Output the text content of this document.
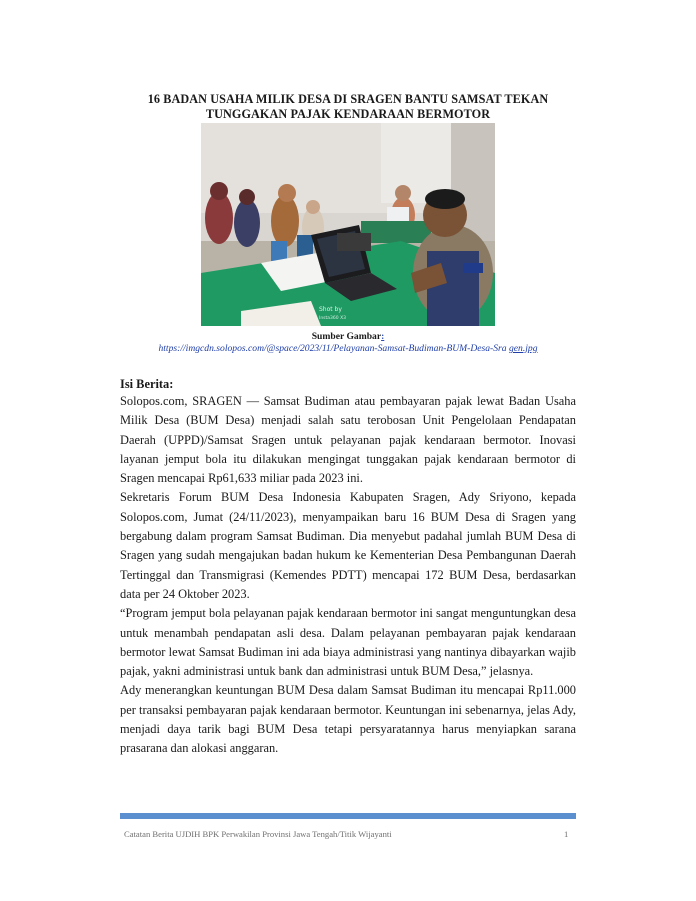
16 BADAN USAHA MILIK DESA DI SRAGEN BANTU SAMSAT TEKAN TUNGGAKAN PAJAK KENDARAAN BERMOTOR
Shot by
Insta360 X3
Sumber Gambar:
https://imgcdn.solopos.com/@space/2023/11/Pelayanan-Samsat-Budiman-BUM-Desa-Sra gen.jpg
Isi Berita:

Solopos.com, SRAGEN — Samsat Budiman atau pembayaran pajak lewat Badan Usaha Milik Desa (BUM Desa) menjadi salah satu terobosan Unit Pengelolaan Pendapatan Daerah (UPPD)/Samsat Sragen untuk pelayanan pajak kendaraan bermotor. Inovasi layanan jemput bola itu dilakukan mengingat tunggakan pajak kendaraan bermotor di Sragen mencapai Rp61,633 miliar pada 2023 ini.

Sekretaris Forum BUM Desa Indonesia Kabupaten Sragen, Ady Sriyono, kepada Solopos.com, Jumat (24/11/2023), menyampaikan baru 16 BUM Desa di Sragen yang bergabung dalam program Samsat Budiman. Dia menyebut padahal jumlah BUM Desa di Sragen yang sudah mengajukan badan hukum ke Kementerian Desa Pembangunan Daerah Tertinggal dan Transmigrasi (Kemendes PDTT) mencapai 172 BUM Desa, berdasarkan data per 24 Oktober 2023.

“Program jemput bola pelayanan pajak kendaraan bermotor ini sangat menguntungkan desa untuk menambah pendapatan asli desa. Dalam pelayanan pembayaran pajak kendaraan bermotor lewat Samsat Budiman ini ada biaya administrasi yang nantinya dibayarkan wajib pajak, yakni administrasi untuk bank dan administrasi untuk BUM Desa,” jelasnya.

Ady menerangkan keuntungan BUM Desa dalam Samsat Budiman itu mencapai Rp11.000 per transaksi pembayaran pajak kendaraan bermotor. Keuntungan ini sebenarnya, jelas Ady, menjadi daya tarik bagi BUM Desa tetapi persyaratannya harus menyiapkan sarana prasarana dan alokasi anggaran.

Catatan Berita UJDIH BPK Perwakilan Provinsi Jawa Tengah/Titik Wijayanti	1
